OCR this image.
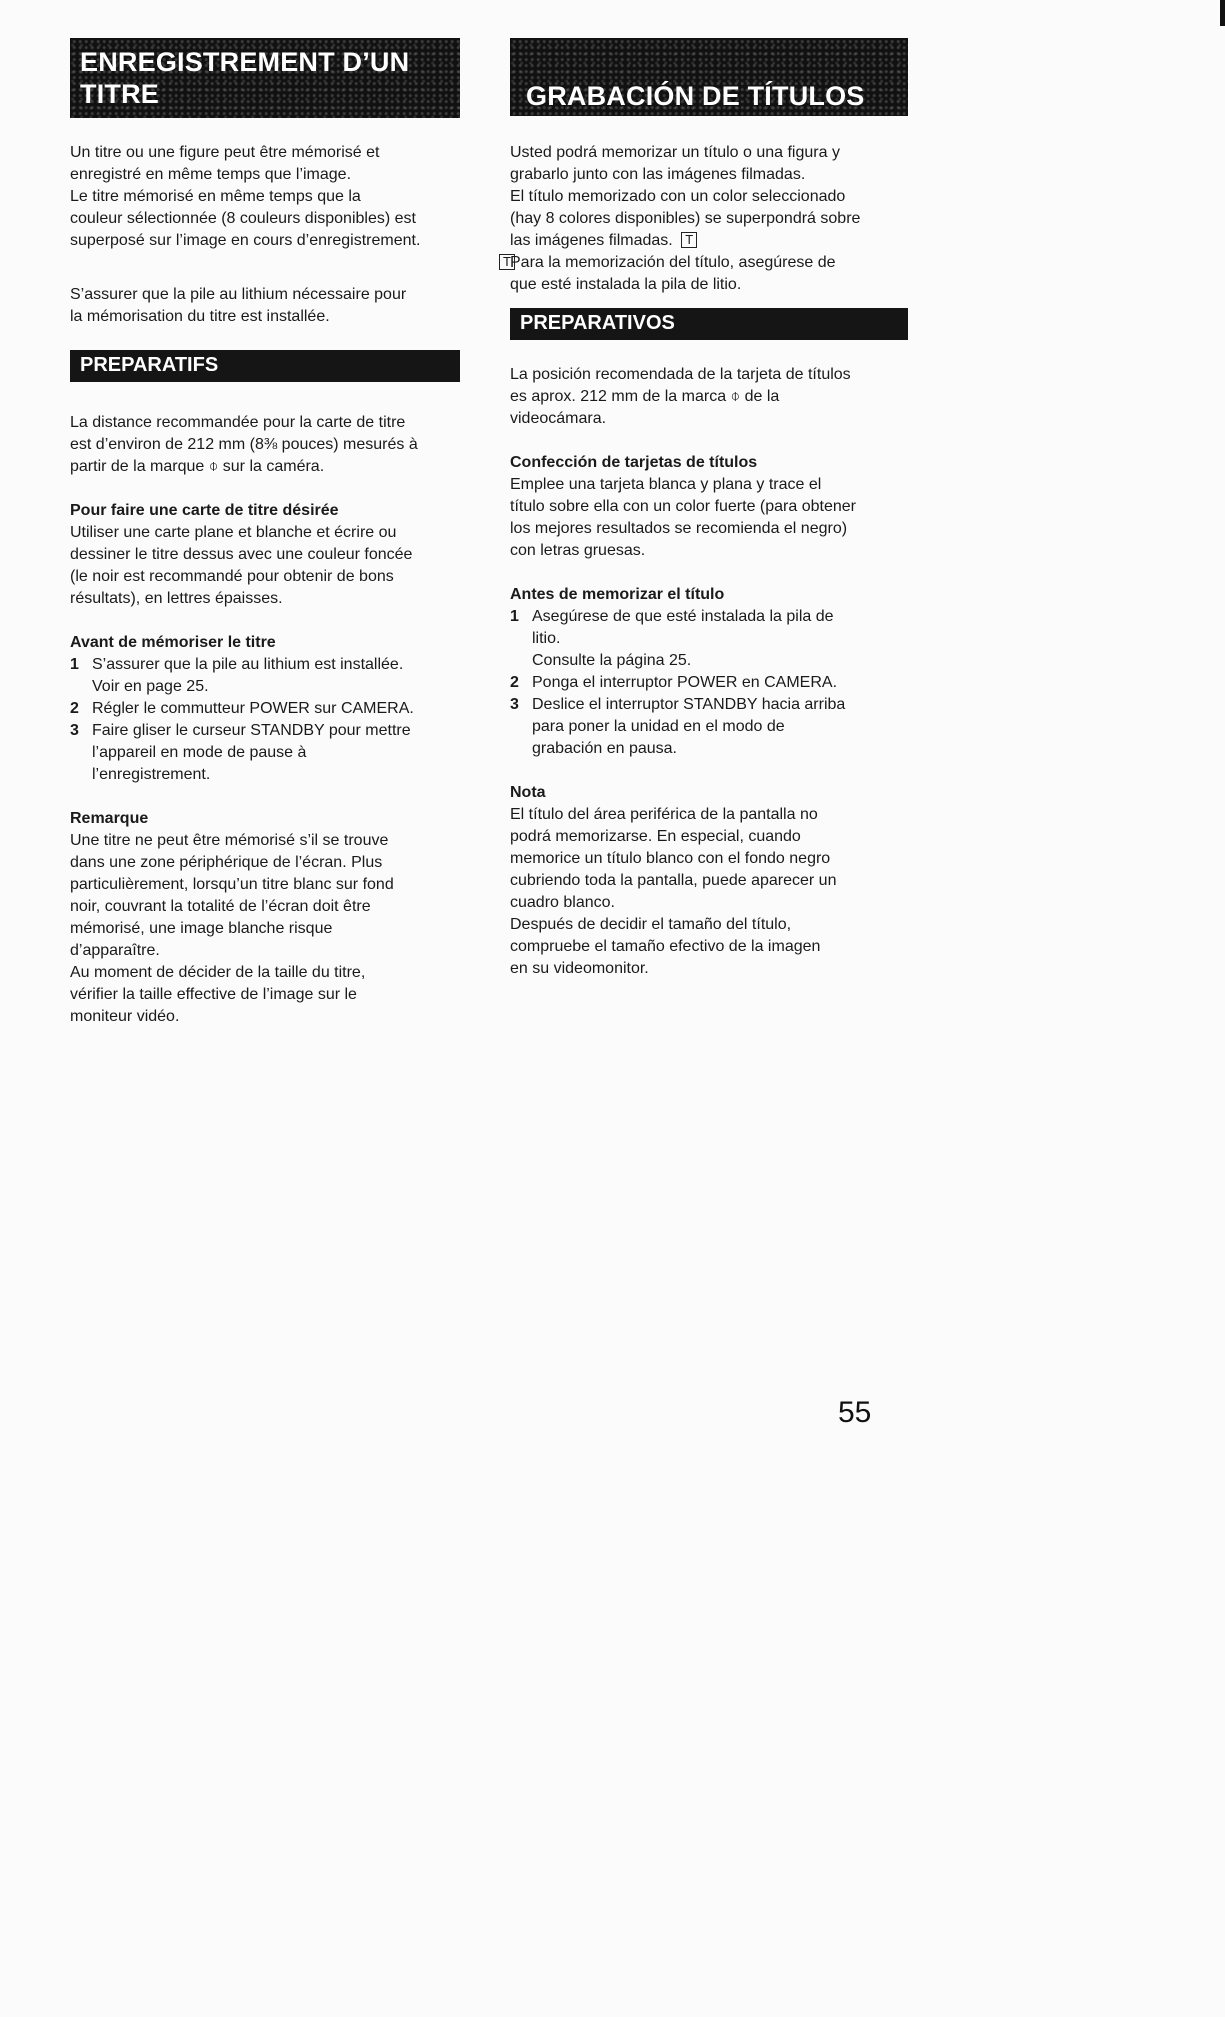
ENREGISTREMENT D’UN
TITRE
Un titre ou une figure peut être mémorisé et
enregistré en même temps que l’image.
Le titre mémorisé en même temps que la
couleur sélectionnée (8 couleurs disponibles) est
superposé sur l’image en cours d’enregistrement.
T
S’assurer que la pile au lithium nécessaire pour
la mémorisation du titre est installée.
PREPARATIFS
La distance recommandée pour la carte de titre
est d’environ de 212 mm (8⅜ pouces) mesurés à
partir de la marque ⌽ sur la caméra.
Pour faire une carte de titre désirée
Utiliser une carte plane et blanche et écrire ou
dessiner le titre dessus avec une couleur foncée
(le noir est recommandé pour obtenir de bons
résultats), en lettres épaisses.
Avant de mémoriser le titre
1 S’assurer que la pile au lithium est installée.
Voir en page 25.
2 Régler le commutteur POWER sur CAMERA.
3 Faire gliser le curseur STANDBY pour mettre
l’appareil en mode de pause à
l’enregistrement.
Remarque
Une titre ne peut être mémorisé s’il se trouve
dans une zone périphérique de l’écran. Plus
particulièrement, lorsqu’un titre blanc sur fond
noir, couvrant la totalité de l’écran doit être
mémorisé, une image blanche risque
d’apparaître.
Au moment de décider de la taille du titre,
vérifier la taille effective de l’image sur le
moniteur vidéo.
GRABACIÓN DE TÍTULOS
Usted podrá memorizar un título o una figura y
grabarlo junto con las imágenes filmadas.
El título memorizado con un color seleccionado
(hay 8 colores disponibles) se superpondrá sobre
las imágenes filmadas. T
Para la memorización del título, asegúrese de
que esté instalada la pila de litio.
PREPARATIVOS
La posición recomendada de la tarjeta de títulos
es aprox. 212 mm de la marca ⌽ de la
videocámara.
Confección de tarjetas de títulos
Emplee una tarjeta blanca y plana y trace el
título sobre ella con un color fuerte (para obtener
los mejores resultados se recomienda el negro)
con letras gruesas.
Antes de memorizar el título
1 Asegúrese de que esté instalada la pila de
litio.
Consulte la página 25.
2 Ponga el interruptor POWER en CAMERA.
3 Deslice el interruptor STANDBY hacia arriba
para poner la unidad en el modo de
grabación en pausa.
Nota
El título del área periférica de la pantalla no
podrá memorizarse. En especial, cuando
memorice un título blanco con el fondo negro
cubriendo toda la pantalla, puede aparecer un
cuadro blanco.
Después de decidir el tamaño del título,
compruebe el tamaño efectivo de la imagen
en su videomonitor.
55
